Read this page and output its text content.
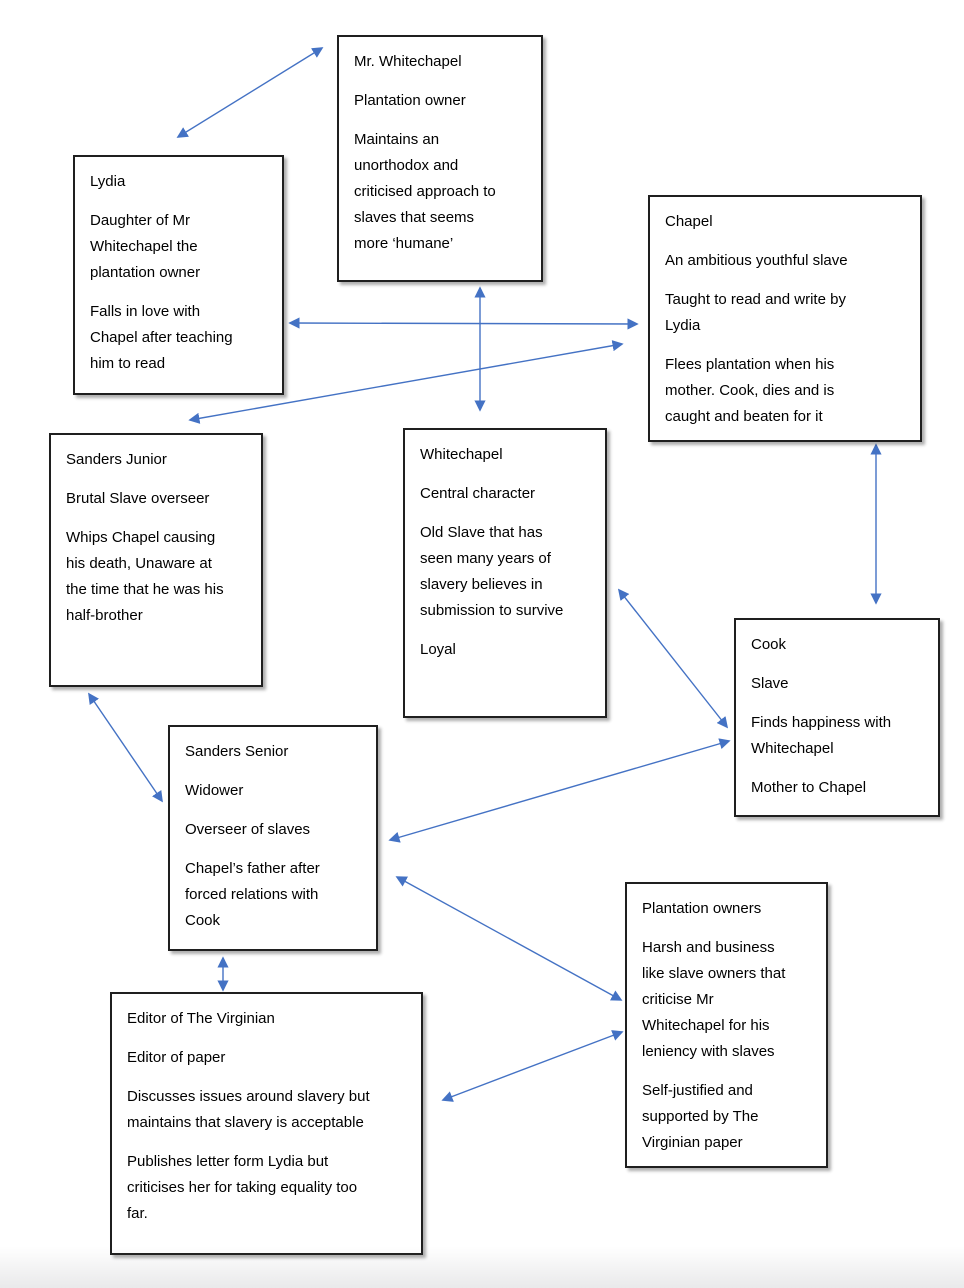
Mr. Whitechapel

Plantation owner

Maintains an unorthodox and criticised approach to slaves that seems more ‘humane’

Lydia

Daughter of Mr Whitechapel the plantation owner

Falls in love with Chapel after teaching him to read

Chapel

An ambitious youthful slave

Taught to read and write by Lydia

Flees plantation when his mother. Cook, dies and is caught and beaten for it

Sanders Junior

Brutal Slave overseer

Whips Chapel causing his death, Unaware at the time that he was his half-brother

Whitechapel

Central character

Old Slave that has seen many years of slavery believes in submission to survive

Loyal	Cook

Slave

Finds happiness with Whitechapel

Mother to Chapel

Sanders Senior

Widower

Overseer of slaves

Chapel’s father after forced relations with Cook

Plantation owners

Harsh and business like slave owners that criticise Mr Whitechapel for his leniency with slaves

Self-justified and supported by The Virginian paper

Editor of The Virginian

Editor of paper

Discusses issues around slavery but maintains that slavery is acceptable

Publishes letter form Lydia but criticises her for taking equality too far.
